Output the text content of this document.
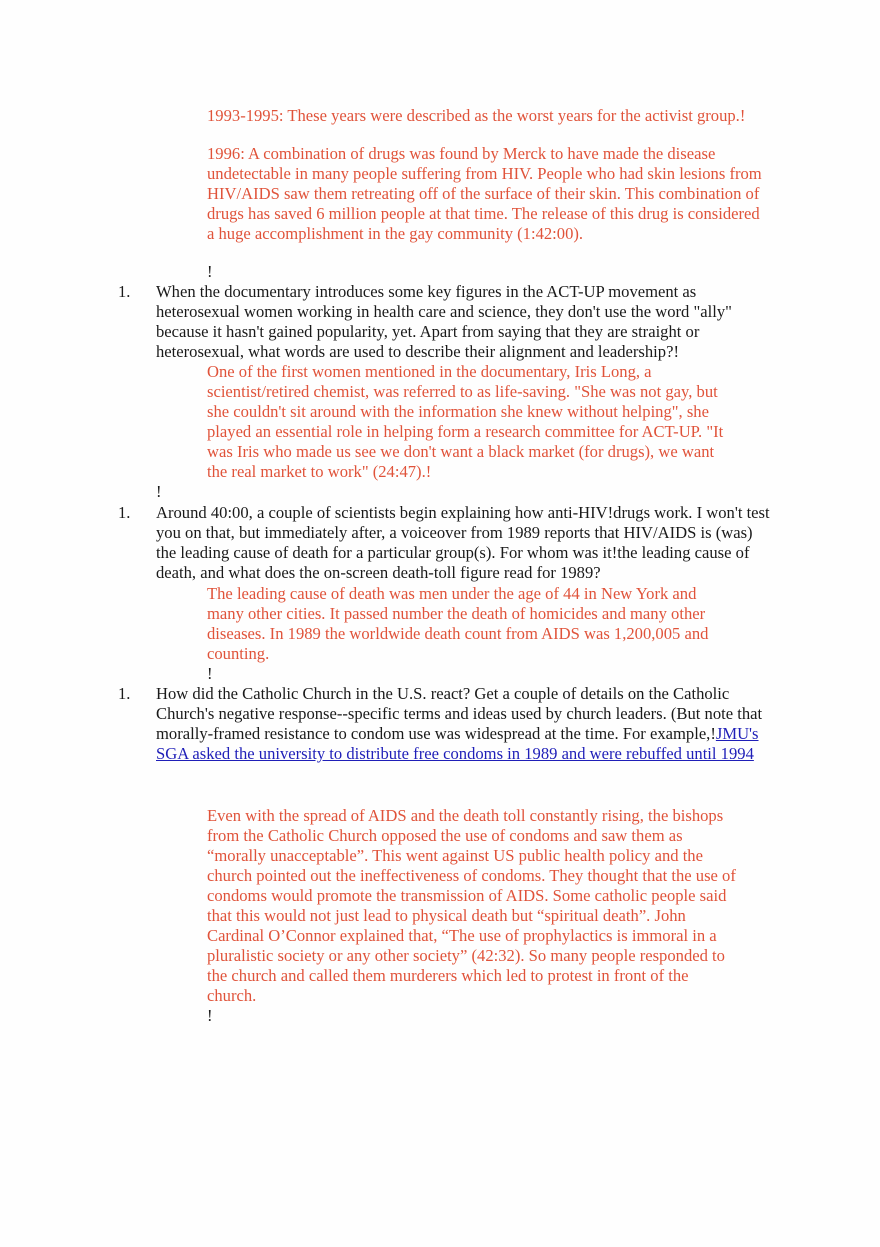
1993-1995: These years were described as the worst years for the activist group.!

1996: A combination of drugs was found by Merck to have made the disease undetectable in many people suffering from HIV. People who had skin lesions from HIV/AIDS saw them retreating off of the surface of their skin. This combination of drugs has saved 6 million people at that time. The release of this drug is considered a huge accomplishment in the gay community (1:42:00).

!
1. When the documentary introduces some key figures in the ACT-UP movement as heterosexual women working in health care and science, they don't use the word "ally" because it hasn't gained popularity, yet. Apart from saying that they are straight or heterosexual, what words are used to describe their alignment and leadership?!

One of the first women mentioned in the documentary, Iris Long, a scientist/retired chemist, was referred to as life-saving. "She was not gay, but she couldn't sit around with the information she knew without helping", she played an essential role in helping form a research committee for ACT-UP. "It was Iris who made us see we don't want a black market (for drugs), we want the real market to work" (24:47).!

!
1. Around 40:00, a couple of scientists begin explaining how anti-HIV!drugs work. I won't test you on that, but immediately after, a voiceover from 1989 reports that HIV/AIDS is (was) the leading cause of death for a particular group(s). For whom was it!the leading cause of death, and what does the on-screen death-toll figure read for 1989?

The leading cause of death was men under the age of 44 in New York and many other cities. It passed number the death of homicides and many other diseases. In 1989 the worldwide death count from AIDS was 1,200,005 and counting.

!
1. How did the Catholic Church in the U.S. react? Get a couple of details on the Catholic Church's negative response--specific terms and ideas used by church leaders. (But note that morally-framed resistance to condom use was widespread at the time. For example,!JMU's SGA asked the university to distribute free condoms in 1989 and were rebuffed until 1994

Even with the spread of AIDS and the death toll constantly rising, the bishops from the Catholic Church opposed the use of condoms and saw them as “morally unacceptable”. This went against US public health policy and the church pointed out the ineffectiveness of condoms. They thought that the use of condoms would promote the transmission of AIDS. Some catholic people said that this would not just lead to physical death but “spiritual death”. John Cardinal O’Connor explained that, “The use of prophylactics is immoral in a pluralistic society or any other society” (42:32). So many people responded to the church and called them murderers which led to protest in front of the church.

!
